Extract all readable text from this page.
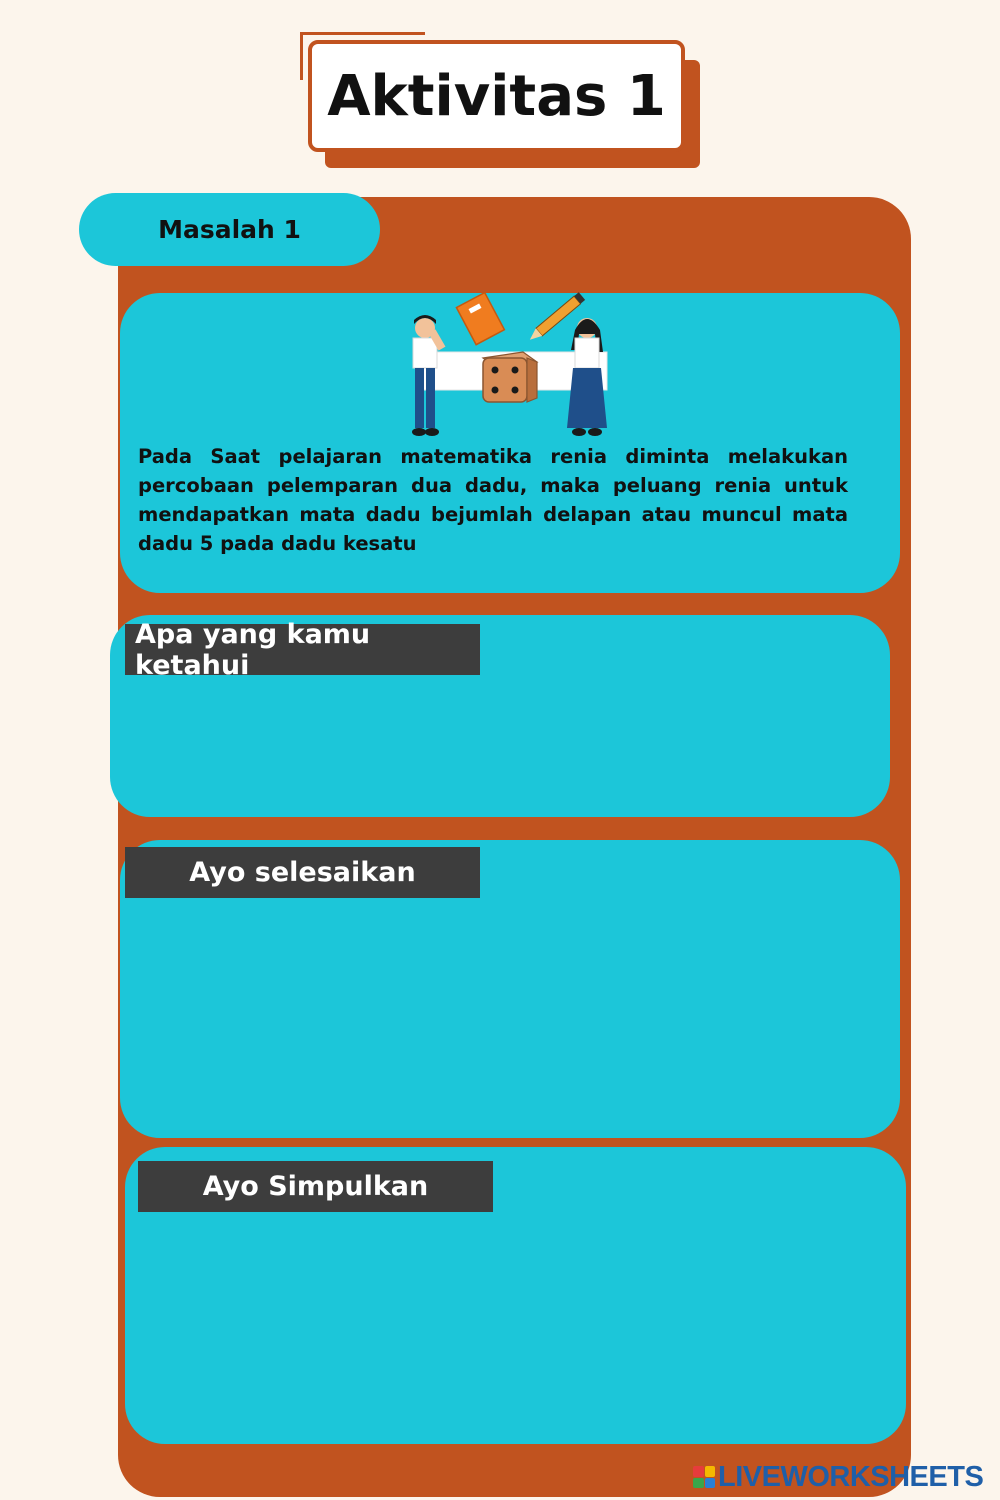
Aktivitas 1
Masalah 1
Pada Saat pelajaran matematika renia diminta melakukan percobaan pelemparan dua dadu, maka peluang renia untuk mendapatkan mata dadu bejumlah delapan atau muncul mata dadu 5 pada dadu kesatu
Apa yang kamu ketahui
Ayo selesaikan
Ayo Simpulkan
LIVEWORKSHEETS
